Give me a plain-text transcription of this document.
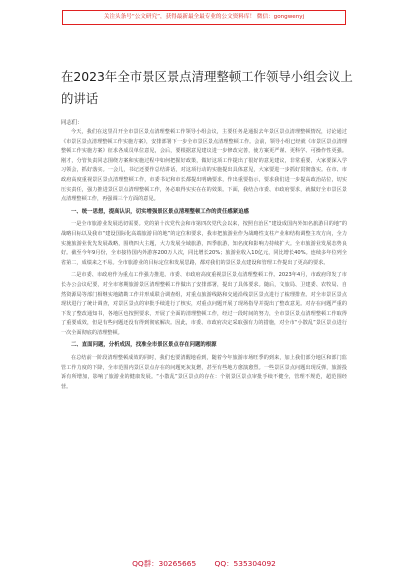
关注头条号“公文研究”，获得最新最全最专业的公文资料库！ 微信：gongwenyj
在2023年全市景区景点清理整顿工作领导小组会议上的讲话
同志们：

今天，我们在这里召开全市景区景点清理整顿工作领导小组会议，主要任务是通报去年景区景点清理整顿情况，讨论通过《市景区景点清理整顿工作实施方案》，安排部署下一步全市景区景点清理整顿工作。会前，领导小组已经就《市景区景点清理整顿工作实施方案》征求各成员单位意见，会后，要根据意见建议进一步修改完善，使方案更严谨、更科学、可操作性更强。刚才，分管负责同志围绕方案和实施过程中如何把握好政策，做好这项工作提出了很好的意见建议，非常重要，大家要深入学习领会，抓好落实。一会儿，书记还要作总结讲话，对这项行动的实施提出具体意见，大家要进一步抓好贯彻落实。在市、市政府高度重视景区景点清理整顿工作，市委书记和市长都提出明确要求，作出重要指示，要求我们进一步提高政治站位，切实压实责任，强力推进景区景点清理整顿工作，务必取得实实在在的效果。下面，我结合市委、市政府要求，就做好全市景区景点清理整顿工作，再强调三个方面的意见。

一、统一思想，提高认识，切实增强景区景点清理整顿工作的责任感紧迫感

一是全市旅游业发展迅切需要。党的第十次党代会和市第四次党代会以来，按照自治区“建设成国内外知名旅游目的地”的战略目标以及我市“建设国际化高端旅游目的地”的定位和要求，我市把旅游业作为战略性支柱产业和结构调整主攻方向，全力实施旅游业优先发展战略，围绕四大主题，大力发展全域旅游，四季旅游，知名度和影响力持续扩大。全市旅游业发展态势良好。截至今年9月份，全市接待国内外游客200万人次，同比增长20%；旅游业收入10亿元，同比增长40%。连续多年位列全省第二，成绩来之不易。全市旅游业的目标定位和发展思路，都对我们的景区景点建设和管理工作提出了更高的要求。

二是市委、市政府作为重点工作强力推进。市委、市政府高度重视景区景点清理整顿工作。2023年4月，市政府印发了市长办公会议纪要，对全市寒期旅游景区清理整顿工作做出了安排部署，提出了具体要求。随后，文旅局、卫建委、农牧局、自然资源局等部门相继实地踏勘工作并形成联合调查组，对重点旅游线路和交通沿线景区景点进行了梳理排查。对全市景区景点现状进行了统计调查，对景区景点的审批手续进行了核实，对重点问题开展了现场指导并提出了整改意见。对存在问题严重的下发了整改通知书，各地区也按照要求，开展了全面的清理整顿工作，经过一段时间的努力，全市景区景点清理整顿工作取得了重要成效，但是有些问题还没有得到彻底解决。因此，市委、市政府决定采取强有力的措施，对全市“小散乱”景区景点进行一次全面彻底的清理整顿。

二、直面问题，分析成因，找准全市景区景点存在问题的根源

在总结前一阶段清理整顿成效的同时，我们也要清醒地看到，随着今年旅游市场旺季的到来，加上我们部分地区和部门监管工作力度的下降，全市范围内景区景点存在的问题死灰复燃，甚至有些地方愈演愈烈。一些景区景点问题出现反弹，旅游投诉有所增加，影响了旅游业的健康发展。“小散乱”景区景点的存在：个别景区景点审批手续不健全，管理不规范，超范围经营。

QQ群：30265665 QQ：535304092
